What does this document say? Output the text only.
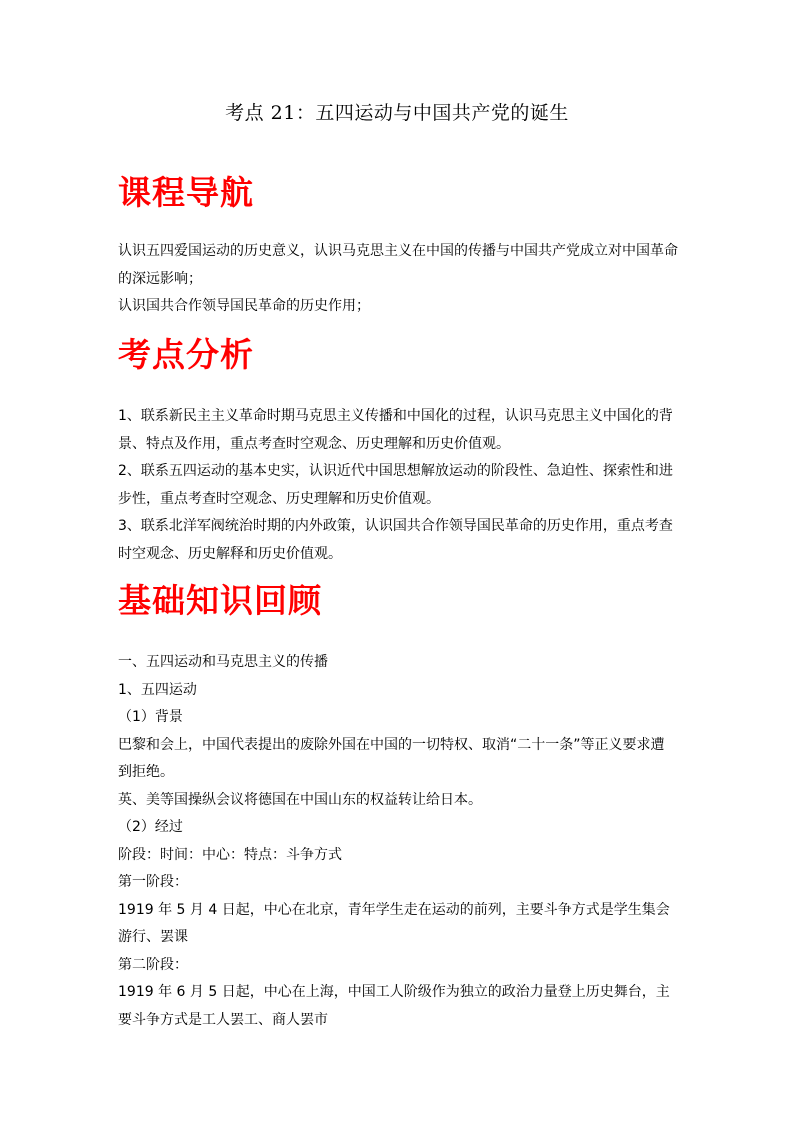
考点 21：五四运动与中国共产党的诞生
课程导航

认识五四爱国运动的历史意义，认识马克思主义在中国的传播与中国共产党成立对中国革命的深远影响；

认识国共合作领导国民革命的历史作用；

考点分析

1、联系新民主主义革命时期马克思主义传播和中国化的过程，认识马克思主义中国化的背景、特点及作用，重点考查时空观念、历史理解和历史价值观。

2、联系五四运动的基本史实，认识近代中国思想解放运动的阶段性、急迫性、探索性和进步性，重点考查时空观念、历史理解和历史价值观。

3、联系北洋军阀统治时期的内外政策，认识国共合作领导国民革命的历史作用，重点考查时空观念、历史解释和历史价值观。

基础知识回顾

一、五四运动和马克思主义的传播

1、五四运动

（1）背景

巴黎和会上，中国代表提出的废除外国在中国的一切特权、取消“二十一条”等正义要求遭到拒绝。

英、美等国操纵会议将德国在中国山东的权益转让给日本。

（2）经过

阶段：时间：中心：特点：斗争方式

第一阶段：

1919 年 5 月 4 日起，中心在北京，青年学生走在运动的前列，主要斗争方式是学生集会游行、罢课

第二阶段：

1919 年 6 月 5 日起，中心在上海，中国工人阶级作为独立的政治力量登上历史舞台，主要斗争方式是工人罢工、商人罢市
